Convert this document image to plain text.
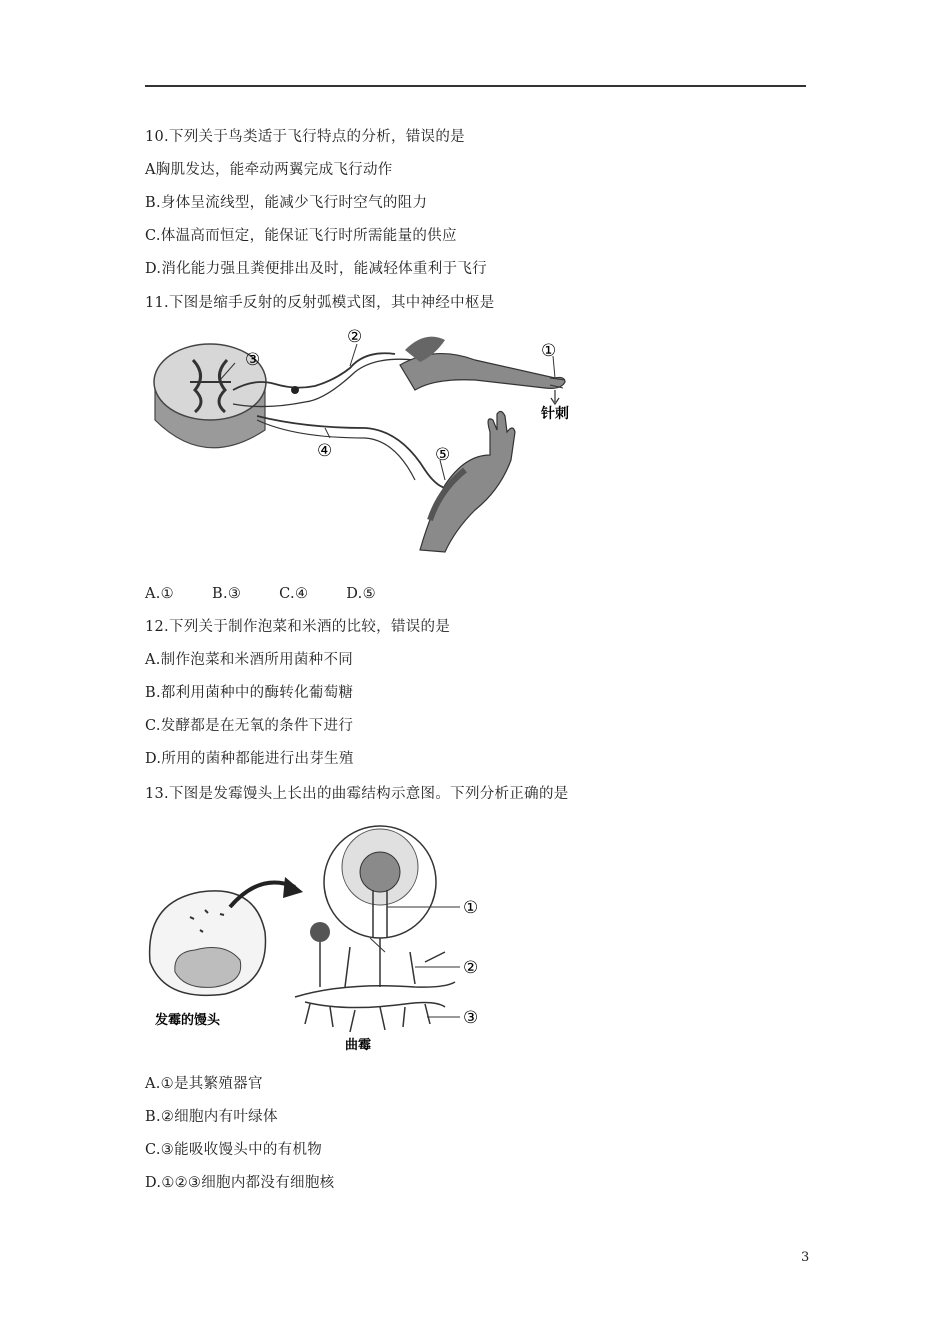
10.下列关于鸟类适于飞行特点的分析，错误的是
A胸肌发达，能牵动两翼完成飞行动作
B.身体呈流线型，能减少飞行时空气的阻力
C.体温高而恒定，能保证飞行时所需能量的供应
D.消化能力强且粪便排出及时，能减轻体重利于飞行
11.下图是缩手反射的反射弧模式图，其中神经中枢是
③
②
①
④	⑤
针刺
A.①	B.③	C.④	D.⑤
12.下列关于制作泡菜和米酒的比较，错误的是
A.制作泡菜和米酒所用菌种不同
B.都利用菌种中的酶转化葡萄糖
C.发酵都是在无氧的条件下进行
D.所用的菌种都能进行出芽生殖
13.下图是发霉馒头上长出的曲霉结构示意图。下列分析正确的是
①
②
③
发霉的馒头
曲霉
A.①是其繁殖器官
B.②细胞内有叶绿体
C.③能吸收馒头中的有机物
D.①②③细胞内都没有细胞核
3
